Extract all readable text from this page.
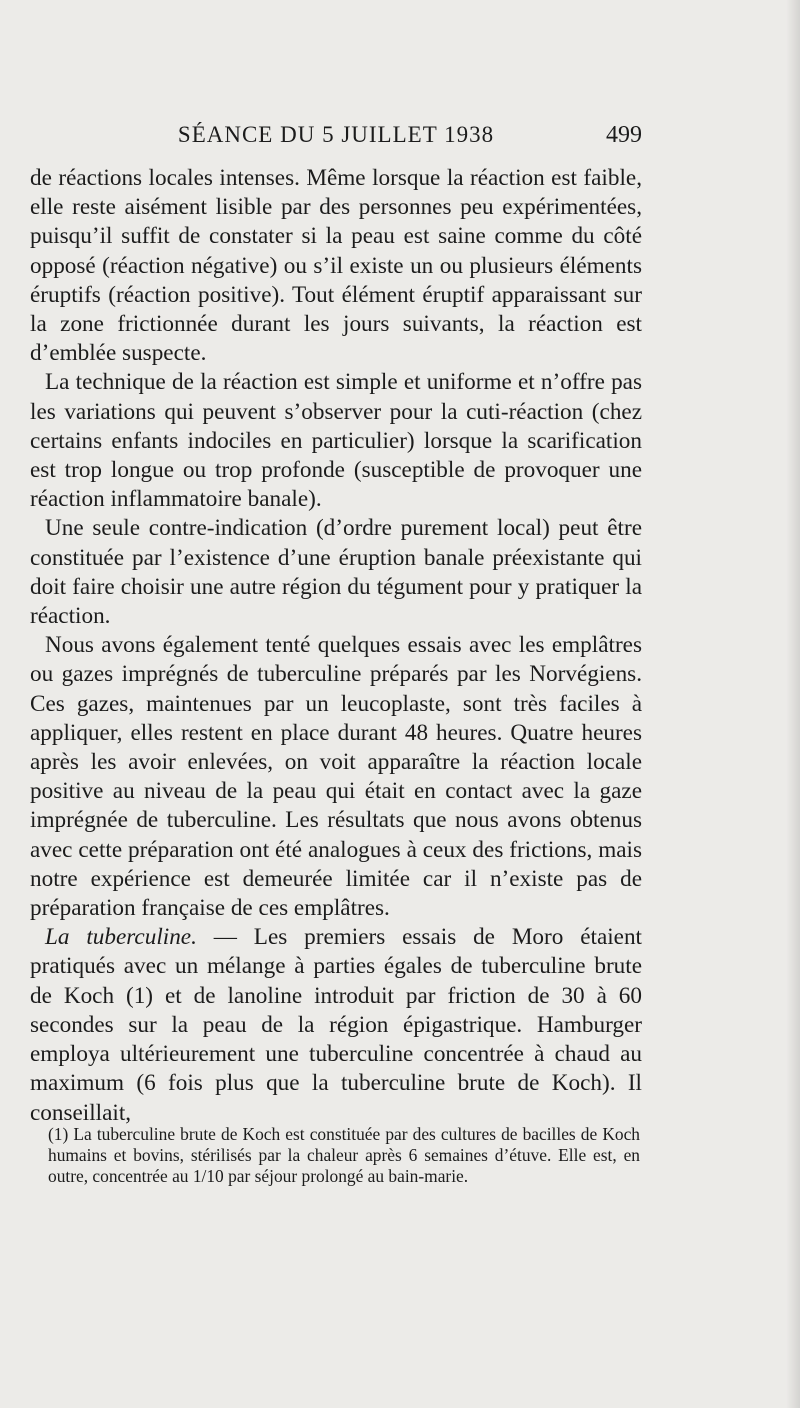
SÉANCE DU 5 JUILLET 1938	499

de réactions locales intenses. Même lorsque la réaction est faible, elle reste aisément lisible par des personnes peu expérimentées, puisqu’il suffit de constater si la peau est saine comme du côté opposé (réaction négative) ou s’il existe un ou plusieurs éléments éruptifs (réaction positive). Tout élément éruptif apparaissant sur la zone frictionnée durant les jours suivants, la réaction est d’emblée suspecte.

La technique de la réaction est simple et uniforme et n’offre pas les variations qui peuvent s’observer pour la cuti-réaction (chez certains enfants indociles en particulier) lorsque la scarification est trop longue ou trop profonde (susceptible de provoquer une réaction inflammatoire banale).

Une seule contre-indication (d’ordre purement local) peut être constituée par l’existence d’une éruption banale préexistante qui doit faire choisir une autre région du tégument pour y pratiquer la réaction.

Nous avons également tenté quelques essais avec les emplâtres ou gazes imprégnés de tuberculine préparés par les Norvégiens. Ces gazes, maintenues par un leucoplaste, sont très faciles à appliquer, elles restent en place durant 48 heures. Quatre heures après les avoir enlevées, on voit apparaître la réaction locale positive au niveau de la peau qui était en contact avec la gaze imprégnée de tuberculine. Les résultats que nous avons obtenus avec cette préparation ont été analogues à ceux des frictions, mais notre expérience est demeurée limitée car il n’existe pas de préparation française de ces emplâtres.

La tuberculine. — Les premiers essais de Moro étaient pratiqués avec un mélange à parties égales de tuberculine brute de Koch (1) et de lanoline introduit par friction de 30 à 60 secondes sur la peau de la région épigastrique. Hamburger employa ultérieurement une tuberculine concentrée à chaud au maximum (6 fois plus que la tuberculine brute de Koch). Il conseillait,

(1) La tuberculine brute de Koch est constituée par des cultures de bacilles de Koch humains et bovins, stérilisés par la chaleur après 6 semaines d’étuve. Elle est, en outre, concentrée au 1/10 par séjour prolongé au bain-marie.
